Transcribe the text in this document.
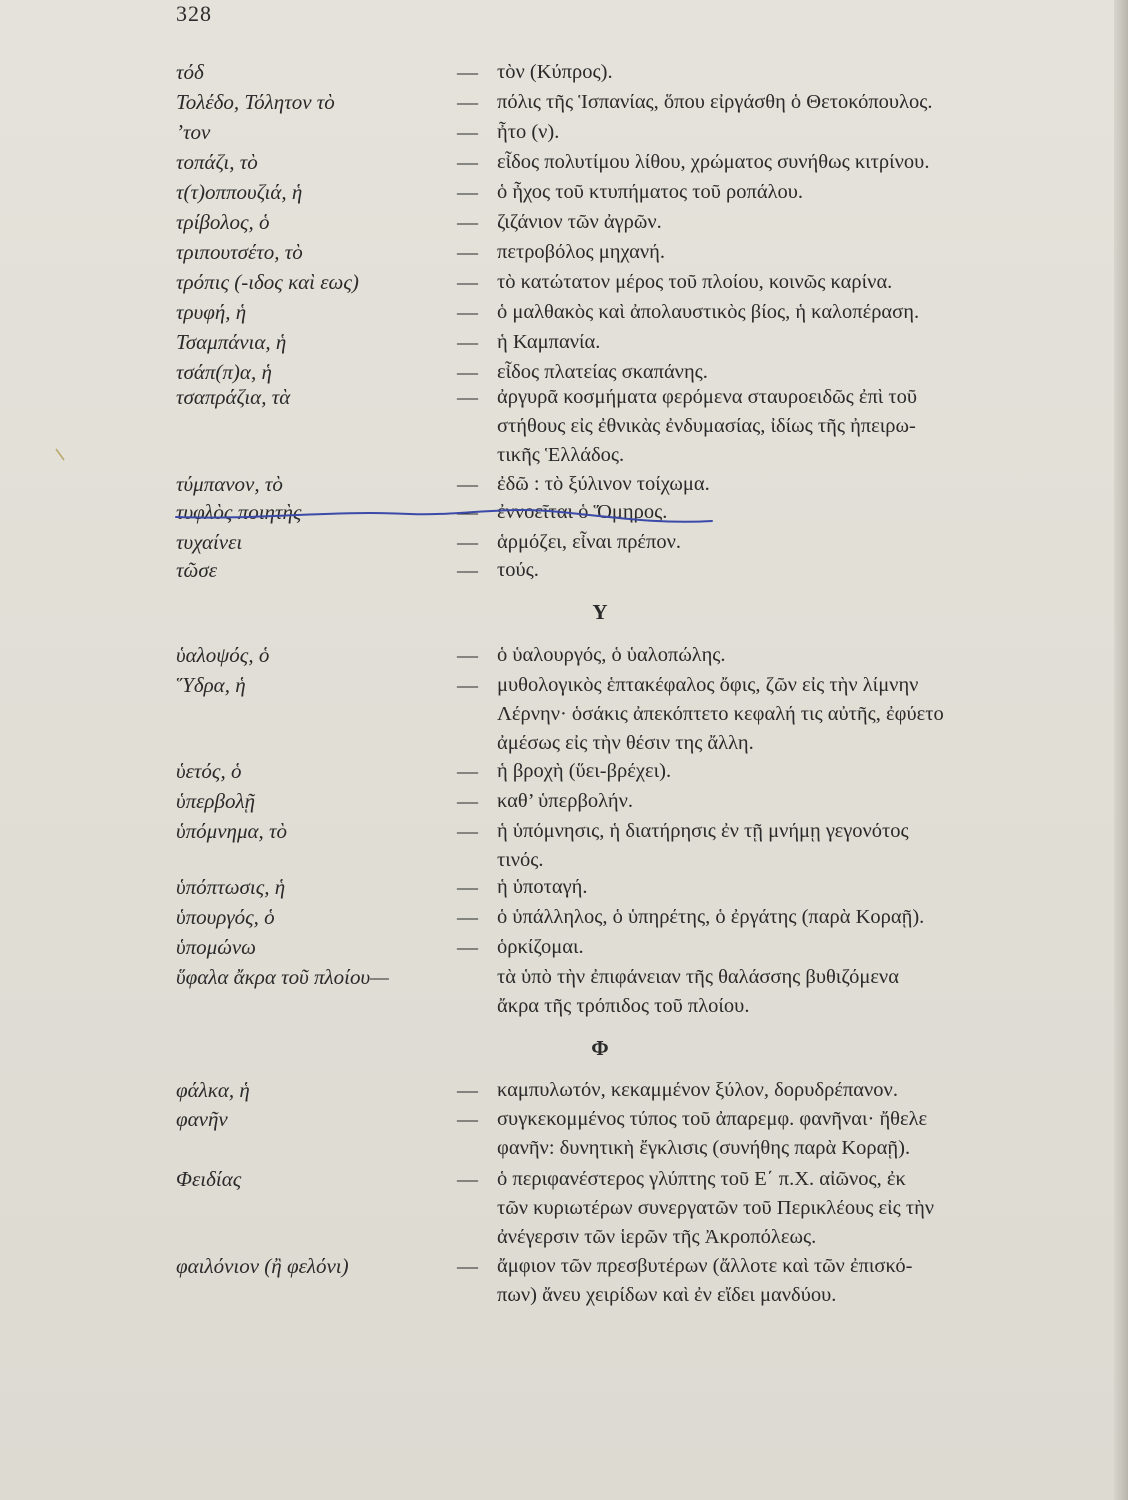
328
τόδ	— τὸν (Κύπρος).
Τολέδο, Τόλητον τὸ	— πόλις τῆς Ἱσπανίας, ὅπου εἰργάσθη ὁ Θετοκόπουλος.
’τον	— ἦτο (ν).
τοπάζι, τὸ	— εἶδος πολυτίμου λίθου, χρώματος συνήθως κιτρίνου.
τ(τ)οππουζιά, ἡ	— ὁ ἦχος τοῦ κτυπήματος τοῦ ροπάλου.
τρίβολος, ὁ	— ζιζάνιον τῶν ἀγρῶν.
τριπουτσέτο, τὸ	— πετροβόλος μηχανή.
τρόπις (-ιδος καὶ εως)	— τὸ κατώτατον μέρος τοῦ πλοίου, κοινῶς καρίνα.
τρυφή, ἡ	— ὁ μαλθακὸς καὶ ἀπολαυστικὸς βίος, ἡ καλοπέραση.
Τσαμπάνια, ἡ	— ἡ Καμπανία.
τσάπ(π)α, ἡ	— εἶδος πλατείας σκαπάνης.
τσαπράζια, τὰ	— ἀργυρᾶ κοσμήματα φερόμενα σταυροειδῶς ἐπὶ τοῦ
στήθους εἰς ἐθνικὰς ἐνδυμασίας, ἰδίως τῆς ἠπειρω-
τικῆς Ἑλλάδος.
τύμπανον, τὸ	— ἐδῶ : τὸ ξύλινον τοίχωμα.
τυφλὸς ποιητὴς	— ἐννοεῖται ὁ Ὅμηρος.
τυχαίνει	— ἁρμόζει, εἶναι πρέπον.
τῶσε	— τούς.
ὑαλοψός, ὁ	— ὁ ὑαλουργός, ὁ ὑαλοπώλης.
Ὕδρα, ἡ	— μυθολογικὸς ἑπτακέφαλος ὄφις, ζῶν εἰς τὴν λίμνην
Λέρνην· ὁσάκις ἀπεκόπτετο κεφαλή τις αὐτῆς, ἐφύετο
ἀμέσως εἰς τὴν θέσιν της ἄλλη.
ὑετός, ὁ	— ἡ βροχὴ (ὕει-βρέχει).
ὑπερβολῇ	— καθ’ ὑπερβολήν.
ὑπόμνημα, τὸ	— ἡ ὑπόμνησις, ἡ διατήρησις ἐν τῇ μνήμῃ γεγονότος
τινός.
ὑπόπτωσις, ἡ	— ἡ ὑποταγή.
ὑπουργός, ὁ	— ὁ ὑπάλληλος, ὁ ὑπηρέτης, ὁ ἐργάτης (παρὰ Κοραῇ).
ὑπομώνω	— ὁρκίζομαι.
ὕφαλα ἄκρα τοῦ πλοίου—	τὰ ὑπὸ τὴν ἐπιφάνειαν τῆς θαλάσσης βυθιζόμενα
ἄκρα τῆς τρόπιδος τοῦ πλοίου.
φάλκα, ἡ	— καμπυλωτόν, κεκαμμένον ξύλον, δορυδρέπανον.
φανῆν	— συγκεκομμένος τύπος τοῦ ἀπαρεμφ. φανῆναι· ἤθελε
φανῆν: δυνητικὴ ἔγκλισις (συνήθης παρὰ Κοραῇ).
Φειδίας	— ὁ περιφανέστερος γλύπτης τοῦ Ε΄ π.Χ. αἰῶνος, ἐκ
τῶν κυριωτέρων συνεργατῶν τοῦ Περικλέους εἰς τὴν
ἀνέγερσιν τῶν ἱερῶν τῆς Ἀκροπόλεως.
φαιλόνιον (ἢ φελόνι)	— ἄμφιον τῶν πρεσβυτέρων (ἄλλοτε καὶ τῶν ἐπισκό-
πων) ἄνευ χειρίδων καὶ ἐν εἴδει μανδύου.
Υ
Φ
